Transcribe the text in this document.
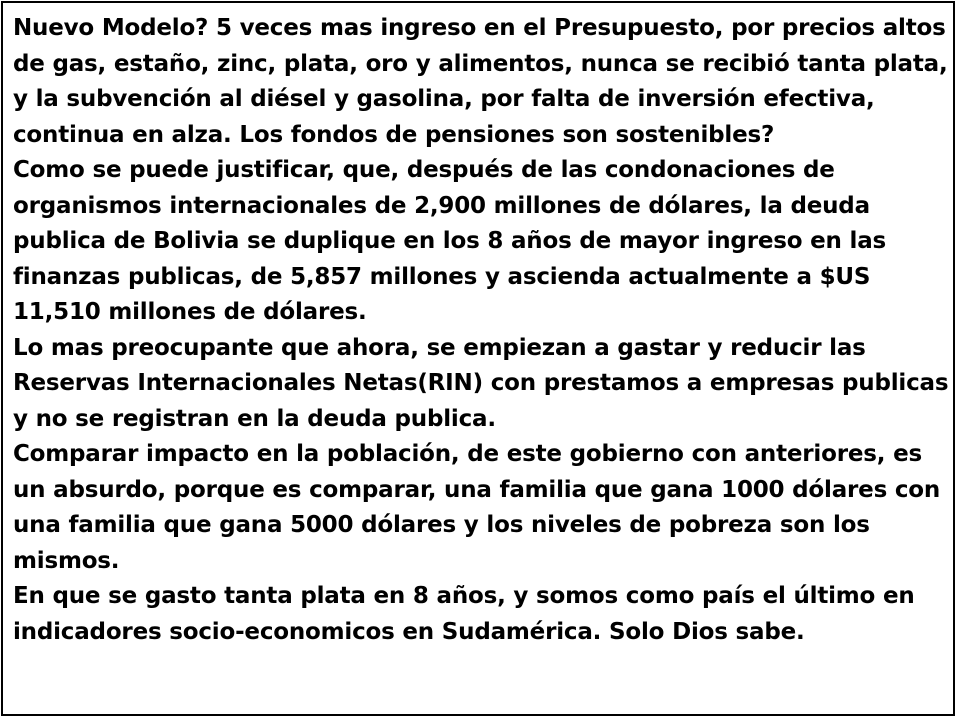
Nuevo Modelo? 5 veces mas ingreso en el Presupuesto, por precios altos de gas, estaño, zinc, plata, oro y alimentos, nunca se recibió tanta plata, y la subvención al diésel y gasolina, por falta de inversión efectiva, continua en alza. Los fondos de pensiones son sostenibles?

Como se puede justificar, que, después de las condonaciones de organismos internacionales de 2,900 millones de dólares, la deuda publica de Bolivia se duplique en los 8 años de mayor ingreso en las finanzas publicas, de 5,857 millones y ascienda actualmente a $US 11,510 millones de dólares.

Lo mas preocupante que ahora, se empiezan a gastar y reducir las Reservas Internacionales Netas(RIN) con prestamos a empresas publicas y no se registran en la deuda publica.

Comparar impacto en la población, de este gobierno con anteriores, es un absurdo, porque es comparar, una familia que gana 1000 dólares con una familia que gana 5000 dólares y los niveles de pobreza son los mismos.

En que se gasto tanta plata en 8 años, y somos como país el último en indicadores socio-economicos en Sudamérica. Solo Dios sabe.
